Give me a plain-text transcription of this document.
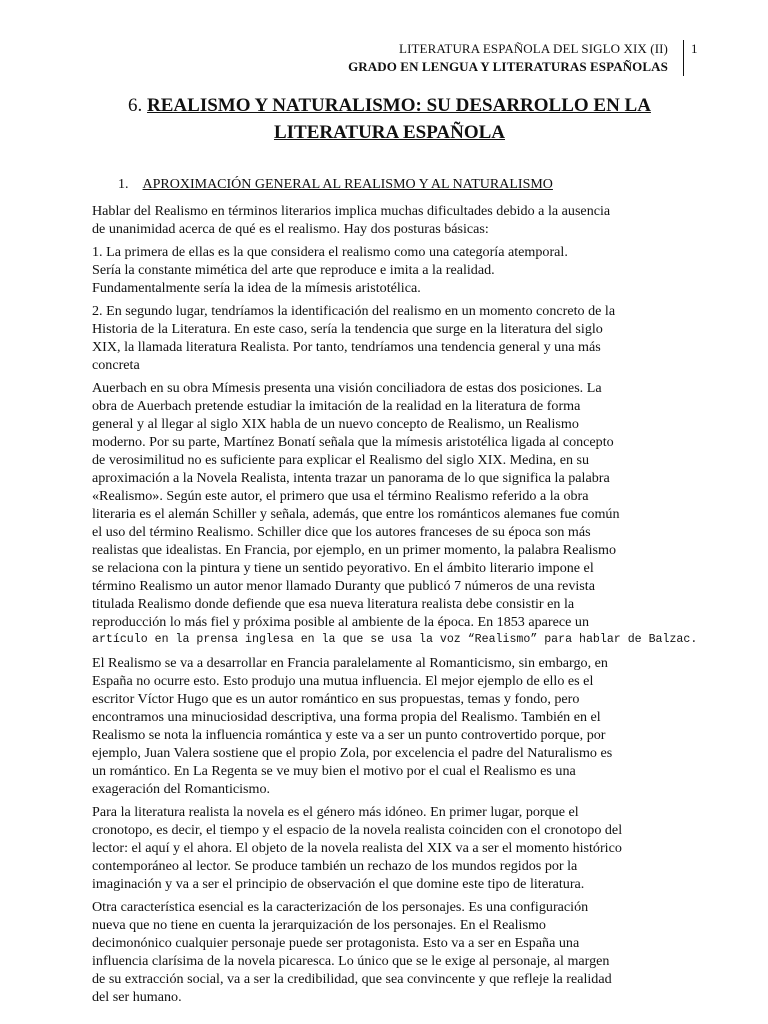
LITERATURA ESPAÑOLA DEL SIGLO XIX (II)
GRADO EN LENGUA Y LITERATURAS ESPAÑOLAS
1
6. REALISMO Y NATURALISMO: SU DESARROLLO EN LA
LITERATURA ESPAÑOLA
1. APROXIMACIÓN GENERAL AL REALISMO Y AL NATURALISMO

Hablar del Realismo en términos literarios implica muchas dificultades debido a la ausencia
de unanimidad acerca de qué es el realismo. Hay dos posturas básicas:

1. La primera de ellas es la que considera el realismo como una categoría atemporal.
Sería la constante mimética del arte que reproduce e imita a la realidad.
Fundamentalmente sería la idea de la mímesis aristotélica.

2. En segundo lugar, tendríamos la identificación del realismo en un momento concreto de la
Historia de la Literatura. En este caso, sería la tendencia que surge en la literatura del siglo
XIX, la llamada literatura Realista. Por tanto, tendríamos una tendencia general y una más
concreta

Auerbach en su obra Mímesis presenta una visión conciliadora de estas dos posiciones. La
obra de Auerbach pretende estudiar la imitación de la realidad en la literatura de forma
general y al llegar al siglo XIX habla de un nuevo concepto de Realismo, un Realismo
moderno. Por su parte, Martínez Bonatí señala que la mímesis aristotélica ligada al concepto
de verosimilitud no es suficiente para explicar el Realismo del siglo XIX. Medina, en su
aproximación a la Novela Realista, intenta trazar un panorama de lo que significa la palabra
«Realismo». Según este autor, el primero que usa el término Realismo referido a la obra
literaria es el alemán Schiller y señala, además, que entre los románticos alemanes fue común
el uso del término Realismo. Schiller dice que los autores franceses de su época son más
realistas que idealistas. En Francia, por ejemplo, en un primer momento, la palabra Realismo
se relaciona con la pintura y tiene un sentido peyorativo. En el ámbito literario impone el
término Realismo un autor menor llamado Duranty que publicó 7 números de una revista
titulada Realismo donde defiende que esa nueva literatura realista debe consistir en la
reproducción lo más fiel y próxima posible al ambiente de la época. En 1853 aparece un
artículo en la prensa inglesa en la que se usa la voz “Realismo” para hablar de Balzac.

El Realismo se va a desarrollar en Francia paralelamente al Romanticismo, sin embargo, en
España no ocurre esto. Esto produjo una mutua influencia. El mejor ejemplo de ello es el
escritor Víctor Hugo que es un autor romántico en sus propuestas, temas y fondo, pero
encontramos una minuciosidad descriptiva, una forma propia del Realismo. También en el
Realismo se nota la influencia romántica y este va a ser un punto controvertido porque, por
ejemplo, Juan Valera sostiene que el propio Zola, por excelencia el padre del Naturalismo es
un romántico. En La Regenta se ve muy bien el motivo por el cual el Realismo es una
exageración del Romanticismo.

Para la literatura realista la novela es el género más idóneo. En primer lugar, porque el
cronotopo, es decir, el tiempo y el espacio de la novela realista coinciden con el cronotopo del
lector: el aquí y el ahora. El objeto de la novela realista del XIX va a ser el momento histórico
contemporáneo al lector. Se produce también un rechazo de los mundos regidos por la
imaginación y va a ser el principio de observación el que domine este tipo de literatura.

Otra característica esencial es la caracterización de los personajes. Es una configuración
nueva que no tiene en cuenta la jerarquización de los personajes. En el Realismo
decimonónico cualquier personaje puede ser protagonista. Esto va a ser en España una
influencia clarísima de la novela picaresca. Lo único que se le exige al personaje, al margen
de su extracción social, va a ser la credibilidad, que sea convincente y que refleje la realidad
del ser humano.
